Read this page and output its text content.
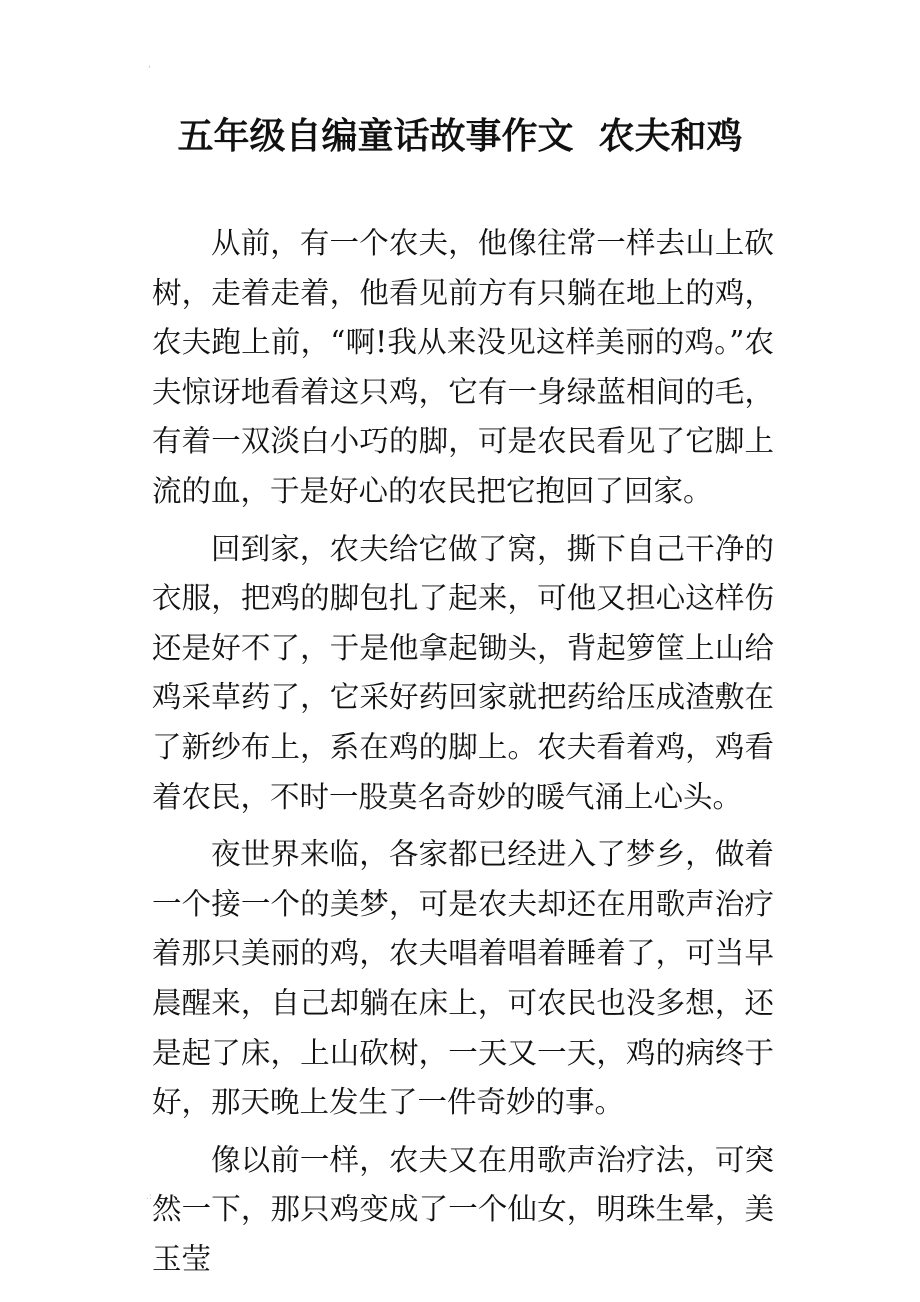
'
五年级自编童话故事作文  农夫和鸡

从前，有一个农夫，他像往常一样去山上砍树，走着走着，他看见前方有只躺在地上的鸡，农夫跑上前，“啊!我从来没见这样美丽的鸡。”农夫惊讶地看着这只鸡，它有一身绿蓝相间的毛，有着一双淡白小巧的脚，可是农民看见了它脚上流的血，于是好心的农民把它抱回了回家。

回到家，农夫给它做了窝，撕下自己干净的衣服，把鸡的脚包扎了起来，可他又担心这样伤还是好不了，于是他拿起锄头，背起箩筐上山给鸡采草药了，它采好药回家就把药给压成渣敷在了新纱布上，系在鸡的脚上。农夫看着鸡，鸡看着农民，不时一股莫名奇妙的暖气涌上心头。

夜世界来临，各家都已经进入了梦乡，做着一个接一个的美梦，可是农夫却还在用歌声治疗着那只美丽的鸡，农夫唱着唱着睡着了，可当早晨醒来，自己却躺在床上，可农民也没多想，还是起了床，上山砍树，一天又一天，鸡的病终于好，那天晚上发生了一件奇妙的事。

像以前一样，农夫又在用歌声治疗法，可突然一下，那只鸡变成了一个仙女，明珠生晕，美玉莹

.:
